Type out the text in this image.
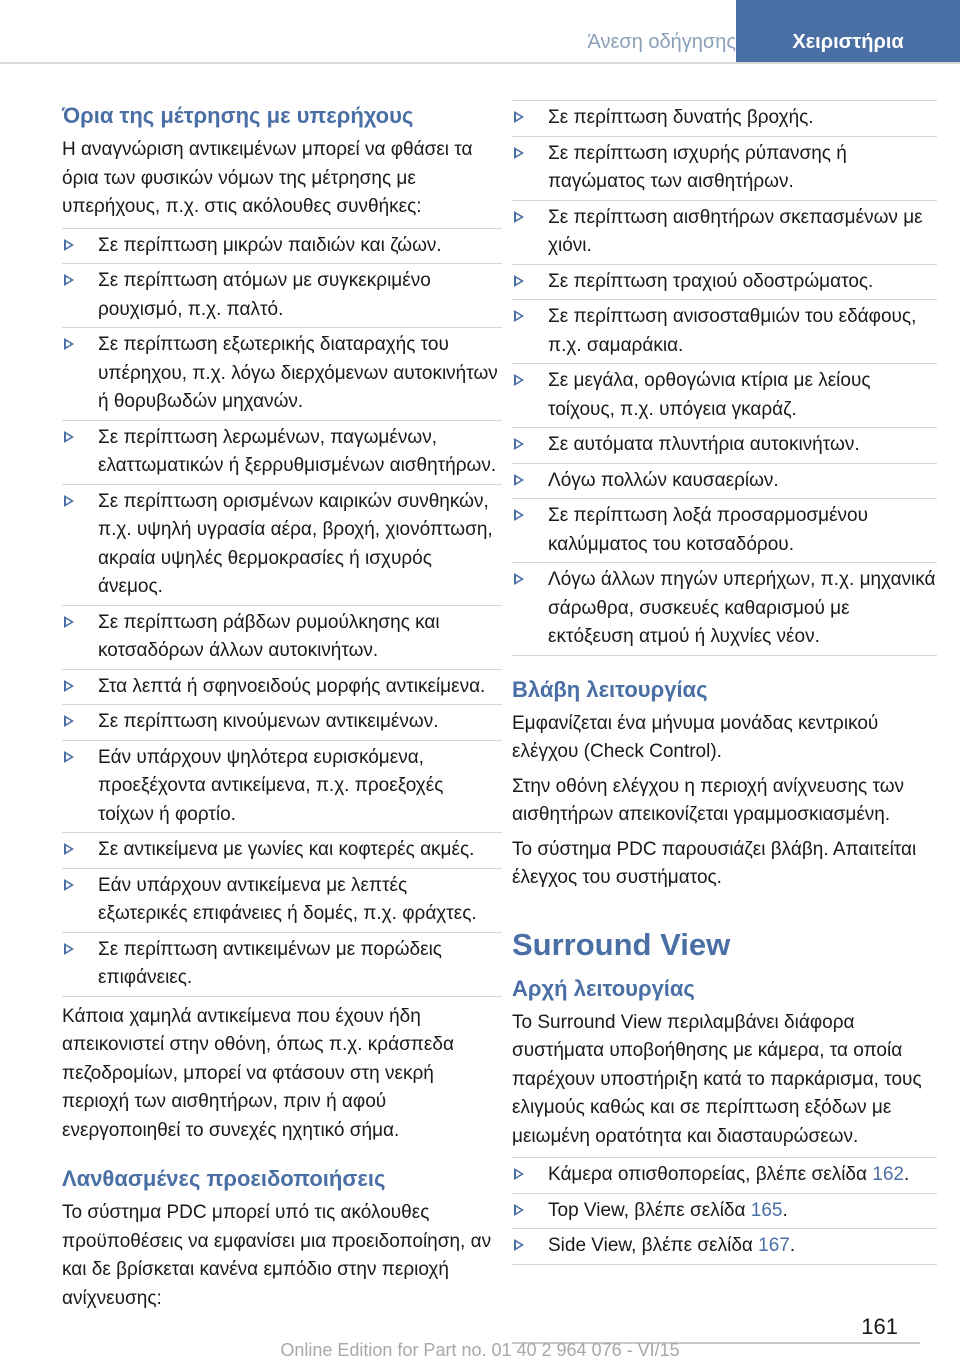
Άνεση οδήγησης	Χειριστήρια
Όρια της μέτρησης με υπερήχους

Η αναγνώριση αντικειμένων μπορεί να φθάσει τα όρια των φυσικών νόμων της μέτρησης με υπερήχους, π.χ. στις ακόλουθες συνθήκες:

Σε περίπτωση μικρών παιδιών και ζώων.
Σε περίπτωση ατόμων με συγκεκριμένο ρουχισμό, π.χ. παλτό.
Σε περίπτωση εξωτερικής διαταραχής του υπέρηχου, π.χ. λόγω διερχόμενων αυτοκινήτων ή θορυβωδών μηχανών.
Σε περίπτωση λερωμένων, παγωμένων, ελαττωματικών ή ξερρυθμισμένων αισθητήρων.
Σε περίπτωση ορισμένων καιρικών συνθηκών, π.χ. υψηλή υγρασία αέρα, βροχή, χιονόπτωση, ακραία υψηλές θερμοκρασίες ή ισχυρός άνεμος.
Σε περίπτωση ράβδων ρυμούλκησης και κοτσαδόρων άλλων αυτοκινήτων.
Στα λεπτά ή σφηνοειδούς μορφής αντικείμενα.
Σε περίπτωση κινούμενων αντικειμένων.
Εάν υπάρχουν ψηλότερα ευρισκόμενα, προεξέχοντα αντικείμενα, π.χ. προεξοχές τοίχων ή φορτίο.
Σε αντικείμενα με γωνίες και κοφτερές ακμές.
Εάν υπάρχουν αντικείμενα με λεπτές εξωτερικές επιφάνειες ή δομές, π.χ. φράχτες.
Σε περίπτωση αντικειμένων με πορώδεις επιφάνειες.

Κάποια χαμηλά αντικείμενα που έχουν ήδη απεικονιστεί στην οθόνη, όπως π.χ. κράσπεδα πεζοδρομίων, μπορεί να φτάσουν στη νεκρή περιοχή των αισθητήρων, πριν ή αφού ενεργοποιηθεί το συνεχές ηχητικό σήμα.

Λανθασμένες προειδοποιήσεις

Το σύστημα PDC μπορεί υπό τις ακόλουθες προϋποθέσεις να εμφανίσει μια προειδοποίηση, αν και δε βρίσκεται κανένα εμπόδιο στην περιοχή ανίχνευσης:

Σε περίπτωση δυνατής βροχής.
Σε περίπτωση ισχυρής ρύπανσης ή παγώματος των αισθητήρων.
Σε περίπτωση αισθητήρων σκεπασμένων με χιόνι.
Σε περίπτωση τραχιού οδοστρώματος.
Σε περίπτωση ανισοσταθμιών του εδάφους, π.χ. σαμαράκια.
Σε μεγάλα, ορθογώνια κτίρια με λείους τοίχους, π.χ. υπόγεια γκαράζ.
Σε αυτόματα πλυντήρια αυτοκινήτων.
Λόγω πολλών καυσαερίων.
Σε περίπτωση λοξά προσαρμοσμένου καλύμματος του κοτσαδόρου.
Λόγω άλλων πηγών υπερήχων, π.χ. μηχανικά σάρωθρα, συσκευές καθαρισμού με εκτόξευση ατμού ή λυχνίες νέον.
Βλάβη λειτουργίας

Εμφανίζεται ένα μήνυμα μονάδας κεντρικού ελέγχου (Check Control).

Στην οθόνη ελέγχου η περιοχή ανίχνευσης των αισθητήρων απεικονίζεται γραμμοσκιασμένη.

Το σύστημα PDC παρουσιάζει βλάβη. Απαιτείται έλεγχος του συστήματος.

Surround View
Αρχή λειτουργίας

Το Surround View περιλαμβάνει διάφορα συστήματα υποβοήθησης με κάμερα, τα οποία παρέχουν υποστήριξη κατά το παρκάρισμα, τους ελιγμούς καθώς και σε περίπτωση εξόδων με μειωμένη ορατότητα και διασταυρώσεων.

Κάμερα οπισθοπορείας, βλέπε σελίδα 162.
Top View, βλέπε σελίδα 165.
Side View, βλέπε σελίδα 167.
161
Online Edition for Part no. 01 40 2 964 076 - VI/15
